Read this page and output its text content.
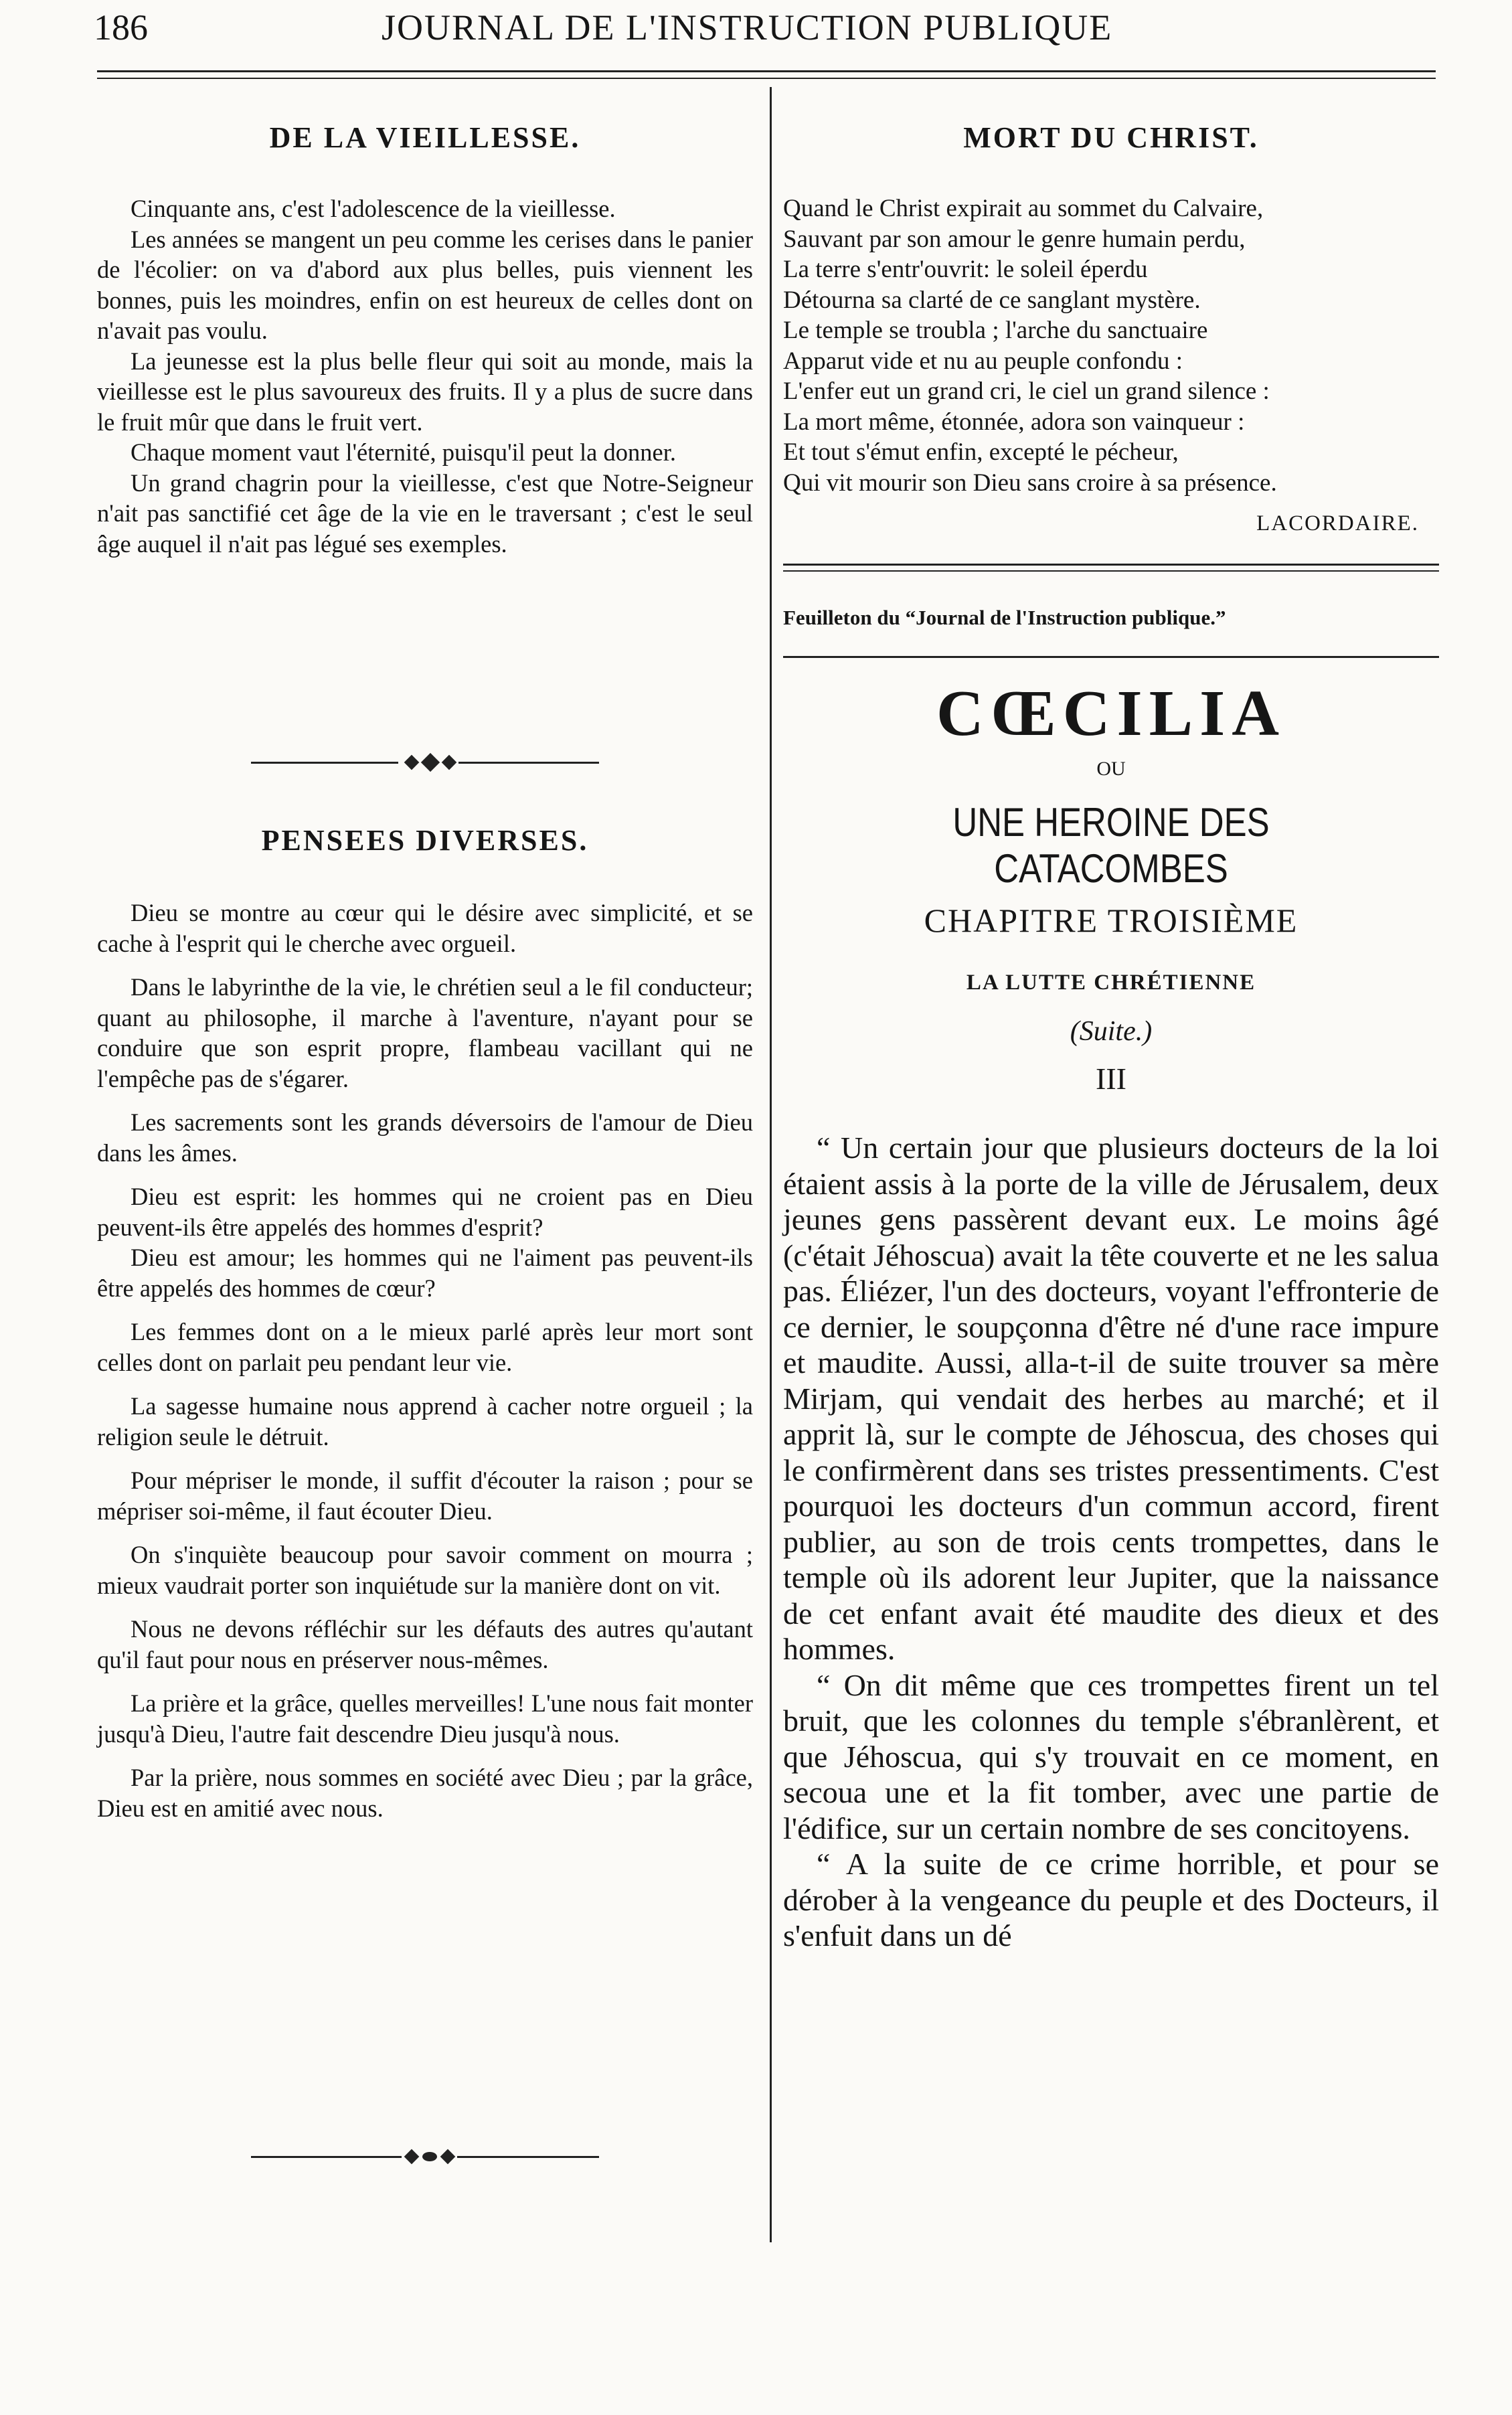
186	JOURNAL DE L'INSTRUCTION PUBLIQUE
DE LA VIEILLESSE.

Cinquante ans, c'est l'adolescence de la vieillesse.

Les années se mangent un peu comme les cerises dans le panier de l'écolier: on va d'abord aux plus belles, puis viennent les bonnes, puis les moindres, enfin on est heureux de celles dont on n'avait pas voulu.

La jeunesse est la plus belle fleur qui soit au monde, mais la vieillesse est le plus savoureux des fruits. Il y a plus de sucre dans le fruit mûr que dans le fruit vert.

Chaque moment vaut l'éternité, puisqu'il peut la donner.

Un grand chagrin pour la vieillesse, c'est que Notre-Seigneur n'ait pas sanctifié cet âge de la vie en le traversant ; c'est le seul âge auquel il n'ait pas légué ses exemples.

PENSEES DIVERSES.

Dieu se montre au cœur qui le désire avec simplicité, et se cache à l'esprit qui le cherche avec orgueil.

Dans le labyrinthe de la vie, le chrétien seul a le fil conducteur; quant au philosophe, il marche à l'aventure, n'ayant pour se conduire que son esprit propre, flambeau vacillant qui ne l'empêche pas de s'égarer.

Les sacrements sont les grands déversoirs de l'amour de Dieu dans les âmes.

Dieu est esprit: les hommes qui ne croient pas en Dieu peuvent-ils être appelés des hommes d'esprit?

Dieu est amour; les hommes qui ne l'aiment pas peuvent-ils être appelés des hommes de cœur?

Les femmes dont on a le mieux parlé après leur mort sont celles dont on parlait peu pendant leur vie.

La sagesse humaine nous apprend à cacher notre orgueil ; la religion seule le détruit.

Pour mépriser le monde, il suffit d'écouter la raison ; pour se mépriser soi-même, il faut écouter Dieu.

On s'inquiète beaucoup pour savoir comment on mourra ; mieux vaudrait porter son inquiétude sur la manière dont on vit.

Nous ne devons réfléchir sur les défauts des autres qu'autant qu'il faut pour nous en préserver nous-mêmes.

La prière et la grâce, quelles merveilles! L'une nous fait monter jusqu'à Dieu, l'autre fait descendre Dieu jusqu'à nous.

Par la prière, nous sommes en société avec Dieu ; par la grâce, Dieu est en amitié avec nous.

MORT DU CHRIST.

Quand le Christ expirait au sommet du Calvaire,

Sauvant par son amour le genre humain perdu,

La terre s'entr'ouvrit: le soleil éperdu

Détourna sa clarté de ce sanglant mystère.

Le temple se troubla ; l'arche du sanctuaire

Apparut vide et nu au peuple confondu :

L'enfer eut un grand cri, le ciel un grand silence :

La mort même, étonnée, adora son vainqueur :

Et tout s'émut enfin, excepté le pécheur,

Qui vit mourir son Dieu sans croire à sa présence.

LACORDAIRE.
Feuilleton du “Journal de l'Instruction publique.”
CŒCILIA

OU

UNE HEROINE DES CATACOMBES

CHAPITRE TROISIÈME

LA LUTTE CHRÉTIENNE

(Suite.)

III

“ Un certain jour que plusieurs docteurs de la loi étaient assis à la porte de la ville de Jérusalem, deux jeunes gens passèrent devant eux. Le moins âgé (c'était Jéhoscua) avait la tête couverte et ne les salua pas. Éliézer, l'un des docteurs, voyant l'effronterie de ce dernier, le soupçonna d'être né d'une race impure et maudite. Aussi, alla-t-il de suite trouver sa mère Mirjam, qui vendait des herbes au marché; et il apprit là, sur le compte de Jéhoscua, des choses qui le confirmèrent dans ses tristes pressentiments. C'est pourquoi les docteurs d'un commun accord, firent publier, au son de trois cents trompettes, dans le temple où ils adorent leur Jupiter, que la naissance de cet enfant avait été maudite des dieux et des hommes.

“ On dit même que ces trompettes firent un tel bruit, que les colonnes du temple s'ébranlèrent, et que Jéhoscua, qui s'y trouvait en ce moment, en secoua une et la fit tomber, avec une partie de l'édifice, sur un certain nombre de ses concitoyens.

“ A la suite de ce crime horrible, et pour se dérober à la vengeance du peuple et des Docteurs, il s'enfuit dans un dé
